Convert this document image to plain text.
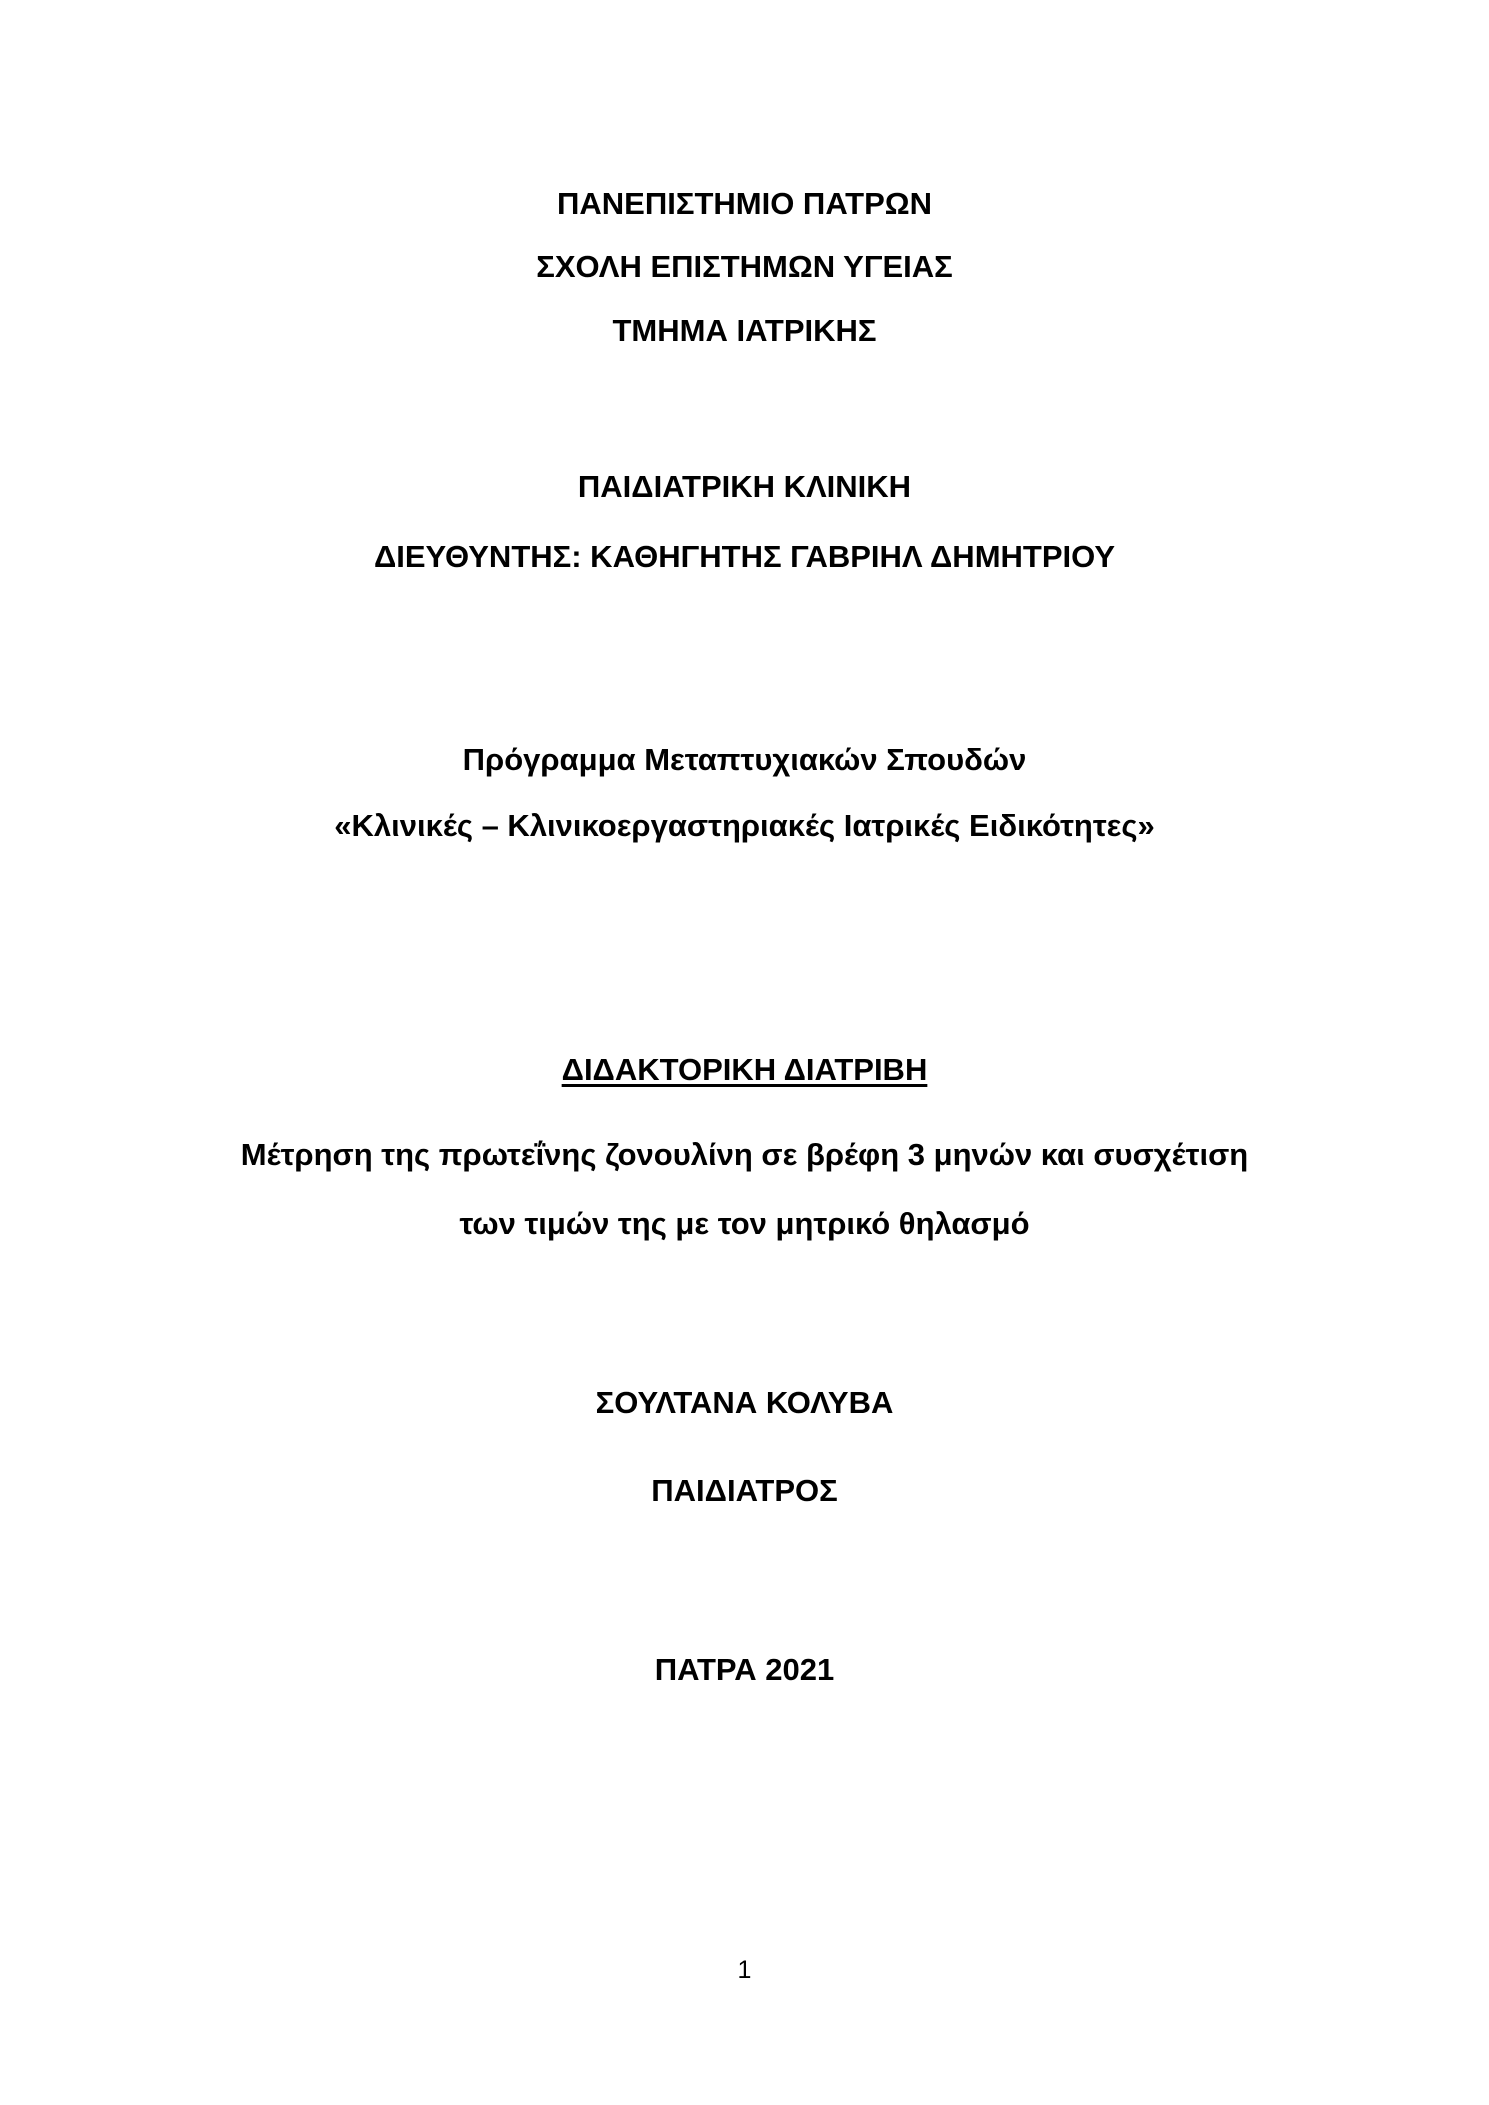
ΠΑΝΕΠΙΣΤΗΜΙΟ ΠΑΤΡΩΝ
ΣΧΟΛΗ ΕΠΙΣΤΗΜΩΝ ΥΓΕΙΑΣ
ΤΜΗΜΑ ΙΑΤΡΙΚΗΣ
ΠΑΙΔΙΑΤΡΙΚΗ ΚΛΙΝΙΚΗ
ΔΙΕΥΘΥΝΤΗΣ: ΚΑΘΗΓΗΤΗΣ ΓΑΒΡΙΗΛ ΔΗΜΗΤΡΙΟΥ
Πρόγραμμα Μεταπτυχιακών Σπουδών
«Κλινικές – Κλινικοεργαστηριακές Ιατρικές Ειδικότητες»
ΔΙΔΑΚΤΟΡΙΚΗ ΔΙΑΤΡΙΒΗ
Μέτρηση της πρωτεΐνης ζονουλίνη σε βρέφη 3 μηνών και συσχέτιση
των τιμών της με τον μητρικό θηλασμό
ΣΟΥΛΤΑΝΑ ΚΟΛΥΒΑ
ΠΑΙΔΙΑΤΡΟΣ
ΠΑΤΡΑ 2021
1
